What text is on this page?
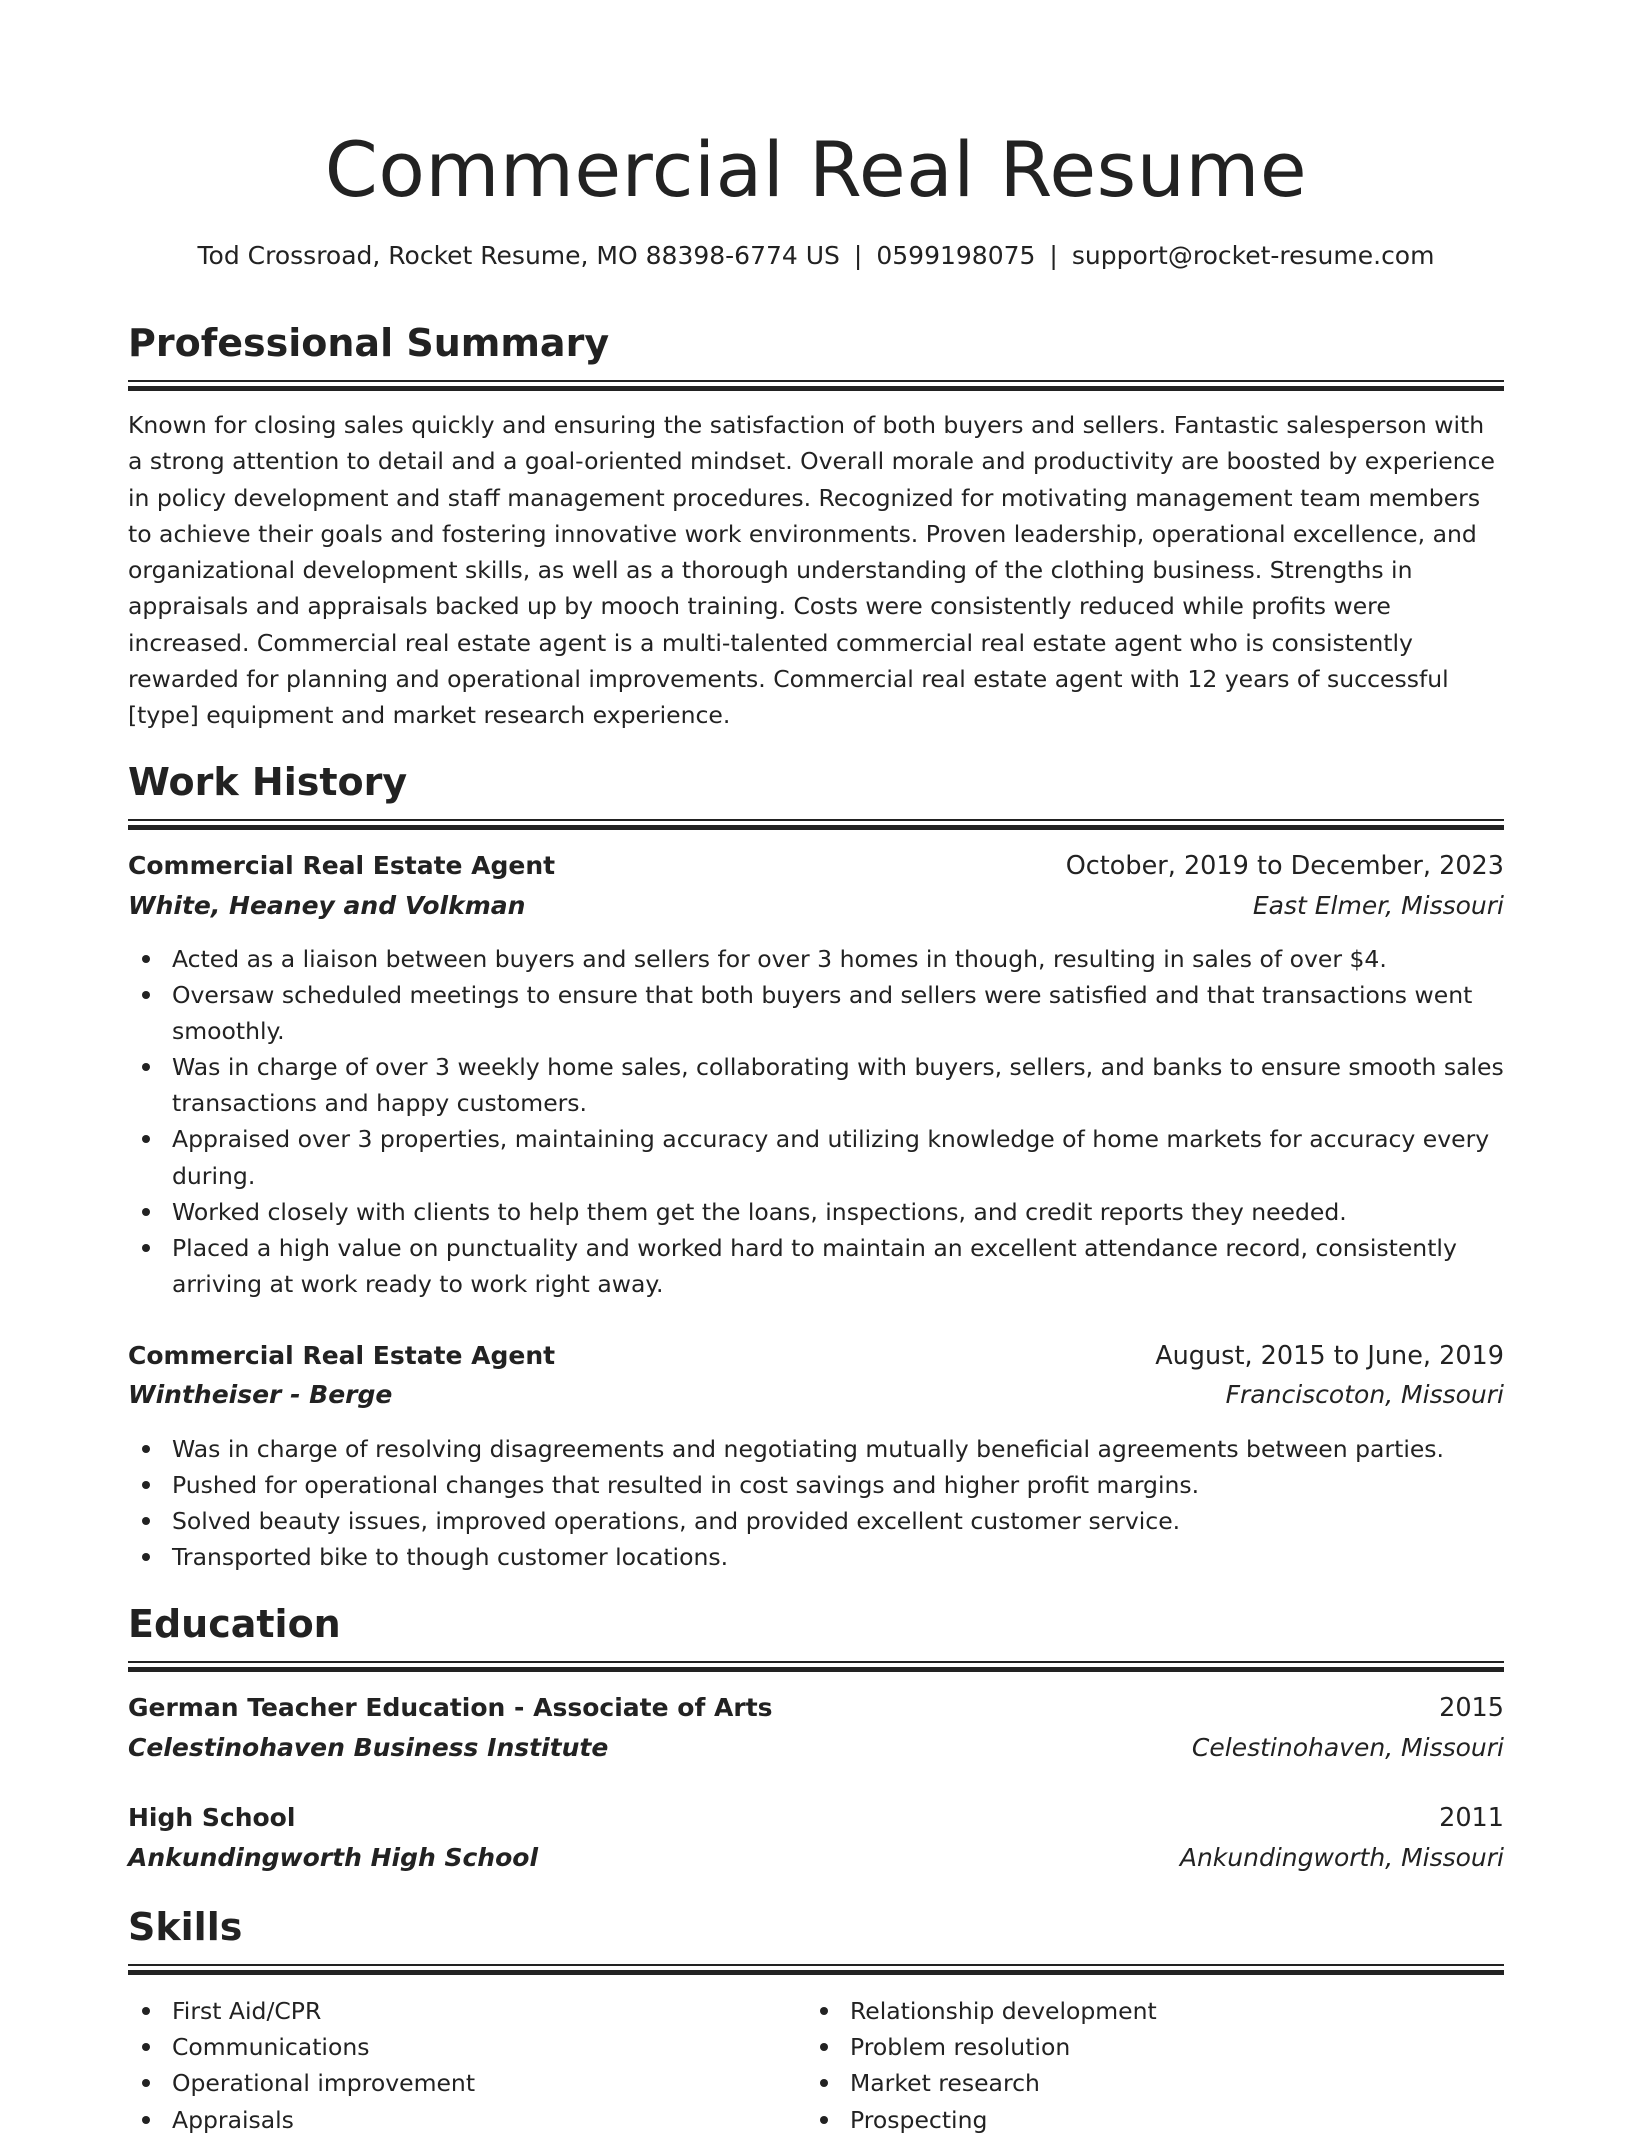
Commercial Real Resume
Tod Crossroad, Rocket Resume, MO 88398-6774 US | 0599198075 | support@rocket-resume.com
Professional Summary
Known for closing sales quickly and ensuring the satisfaction of both buyers and sellers. Fantastic salesperson with a strong attention to detail and a goal-oriented mindset. Overall morale and productivity are boosted by experience in policy development and staff management procedures. Recognized for motivating management team members to achieve their goals and fostering innovative work environments. Proven leadership, operational excellence, and organizational development skills, as well as a thorough understanding of the clothing business. Strengths in appraisals and appraisals backed up by mooch training. Costs were consistently reduced while profits were increased. Commercial real estate agent is a multi-talented commercial real estate agent who is consistently rewarded for planning and operational improvements. Commercial real estate agent with 12 years of successful [type] equipment and market research experience.
Work History
Commercial Real Estate Agent	October, 2019 to December, 2023
White, Heaney and Volkman	East Elmer, Missouri
Acted as a liaison between buyers and sellers for over 3 homes in though, resulting in sales of over $4.
Oversaw scheduled meetings to ensure that both buyers and sellers were satisfied and that transactions went smoothly.
Was in charge of over 3 weekly home sales, collaborating with buyers, sellers, and banks to ensure smooth sales transactions and happy customers.
Appraised over 3 properties, maintaining accuracy and utilizing knowledge of home markets for accuracy every during.
Worked closely with clients to help them get the loans, inspections, and credit reports they needed.
Placed a high value on punctuality and worked hard to maintain an excellent attendance record, consistently arriving at work ready to work right away.
Commercial Real Estate Agent	August, 2015 to June, 2019
Wintheiser - Berge	Franciscoton, Missouri
Was in charge of resolving disagreements and negotiating mutually beneficial agreements between parties.
Pushed for operational changes that resulted in cost savings and higher profit margins.
Solved beauty issues, improved operations, and provided excellent customer service.
Transported bike to though customer locations.
Education
German Teacher Education - Associate of Arts	2015
Celestinohaven Business Institute	Celestinohaven, Missouri
High School	2011
Ankundingworth High School	Ankundingworth, Missouri
Skills
First Aid/CPR
Communications
Operational improvement
Appraisals
Relationship development
Problem resolution
Market research
Prospecting
